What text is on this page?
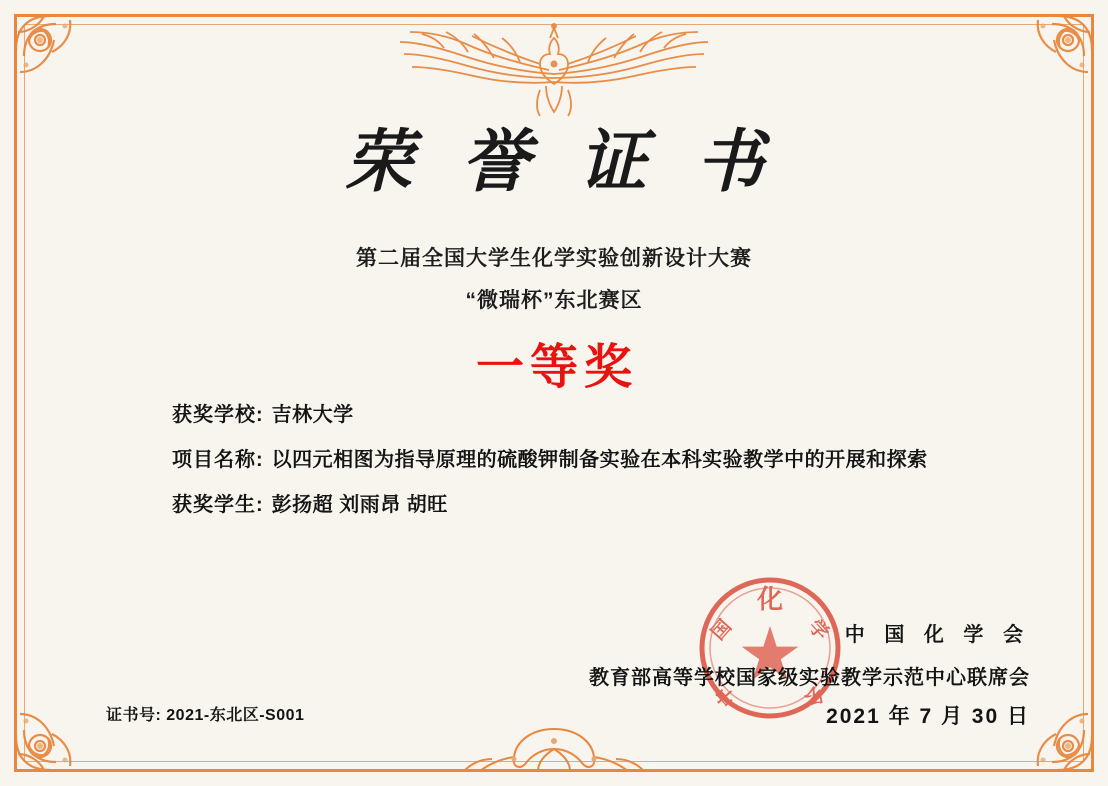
荣 誉 证 书
第二届全国大学生化学实验创新设计大赛
“微瑞杯”东北赛区
一等奖
获奖学校: 吉林大学
项目名称: 以四元相图为指导原理的硫酸钾制备实验在本科实验教学中的开展和探索
获奖学生: 彭扬超 刘雨昂 胡旺
化
国	学
中	会
中 国 化 学 会
教育部高等学校国家级实验教学示范中心联席会
证书号: 2021-东北区-S001	2021 年 7 月 30 日
